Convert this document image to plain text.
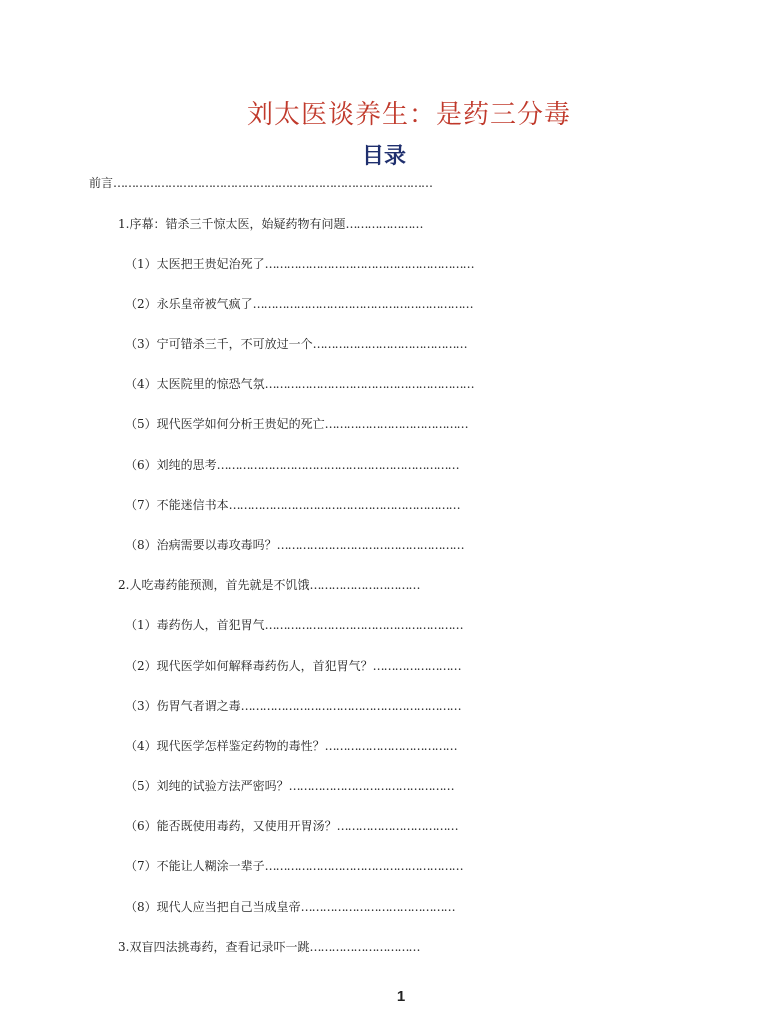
刘太医谈养生：是药三分毒
目录
前言……………………………………………………………………………
1.序幕：错杀三千惊太医，始疑药物有问题…………………
（1）太医把王贵妃治死了…………………………………………………
（2）永乐皇帝被气疯了……………………………………………………
（3）宁可错杀三千，不可放过一个……………………………………
（4）太医院里的惊恐气氛…………………………………………………
（5）现代医学如何分析王贵妃的死亡…………………………………
（6）刘纯的思考…………………………………………………………
（7）不能迷信书本………………………………………………………
（8）治病需要以毒攻毒吗？……………………………………………
2.人吃毒药能预测，首先就是不饥饿…………………………
（1）毒药伤人，首犯胃气………………………………………………
（2）现代医学如何解释毒药伤人，首犯胃气？……………………
（3）伤胃气者谓之毒……………………………………………………
（4）现代医学怎样鉴定药物的毒性？………………………………
（5）刘纯的试验方法严密吗？………………………………………
（6）能否既使用毒药，又使用开胃汤？……………………………
（7）不能让人糊涂一辈子………………………………………………
（8）现代人应当把自己当成皇帝……………………………………
3.双盲四法挑毒药，查看记录吓一跳…………………………
1
